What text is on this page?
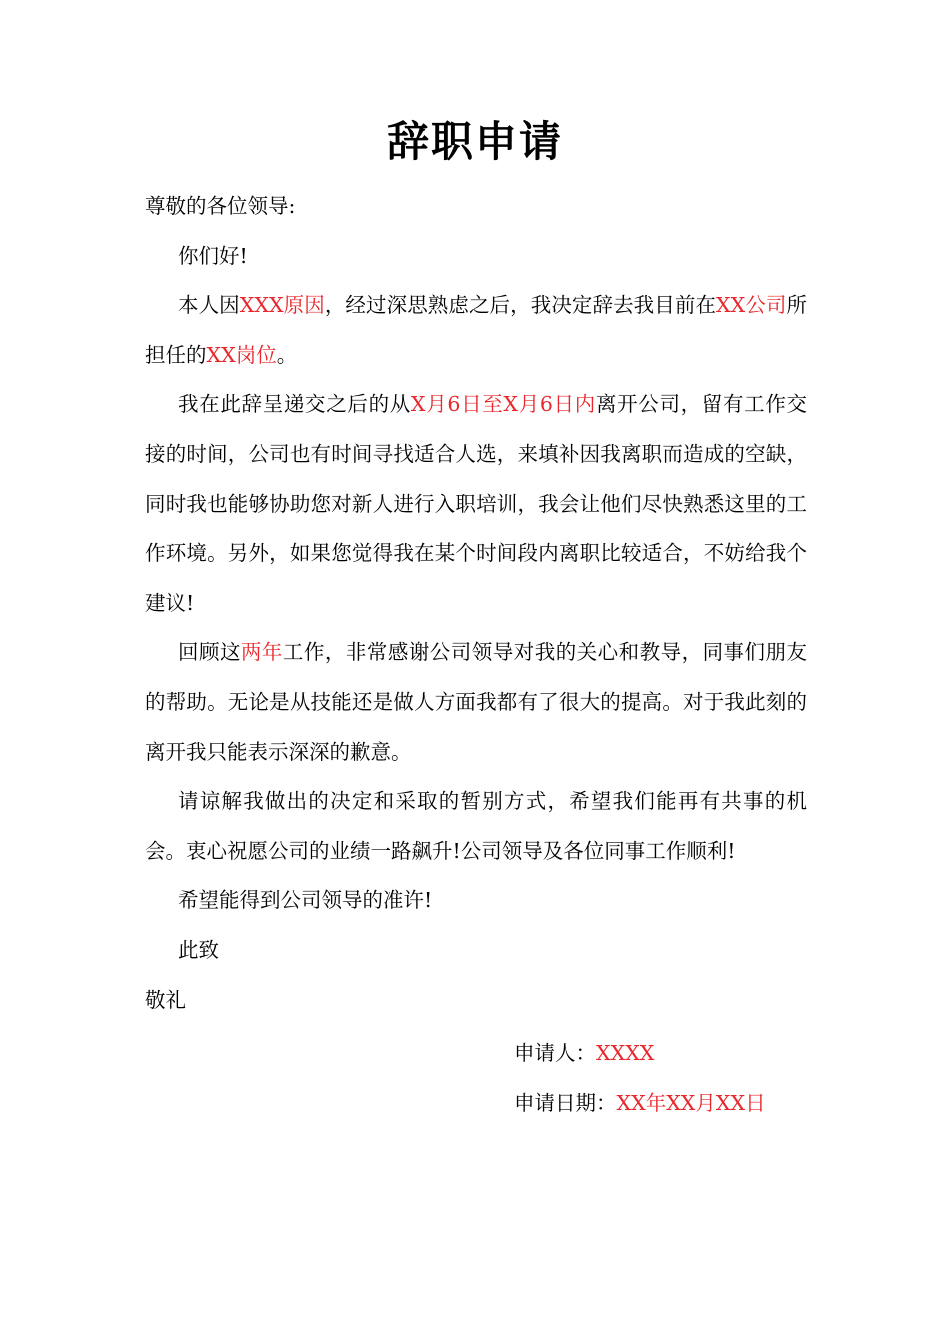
辞职申请

尊敬的各位领导:

你们好!

本人因XXX原因，经过深思熟虑之后，我决定辞去我目前在XX公司所担任的XX岗位。

我在此辞呈递交之后的从X月6日至X月6日内离开公司，留有工作交接的时间，公司也有时间寻找适合人选，来填补因我离职而造成的空缺，同时我也能够协助您对新人进行入职培训，我会让他们尽快熟悉这里的工作环境。另外，如果您觉得我在某个时间段内离职比较适合，不妨给我个建议!

回顾这两年工作，非常感谢公司领导对我的关心和教导，同事们朋友的帮助。无论是从技能还是做人方面我都有了很大的提高。对于我此刻的离开我只能表示深深的歉意。

请谅解我做出的决定和采取的暂别方式，希望我们能再有共事的机会。衷心祝愿公司的业绩一路飙升!公司领导及各位同事工作顺利!

希望能得到公司领导的准许!

此致

敬礼

申请人：XXXX
申请日期：XX年XX月XX日
